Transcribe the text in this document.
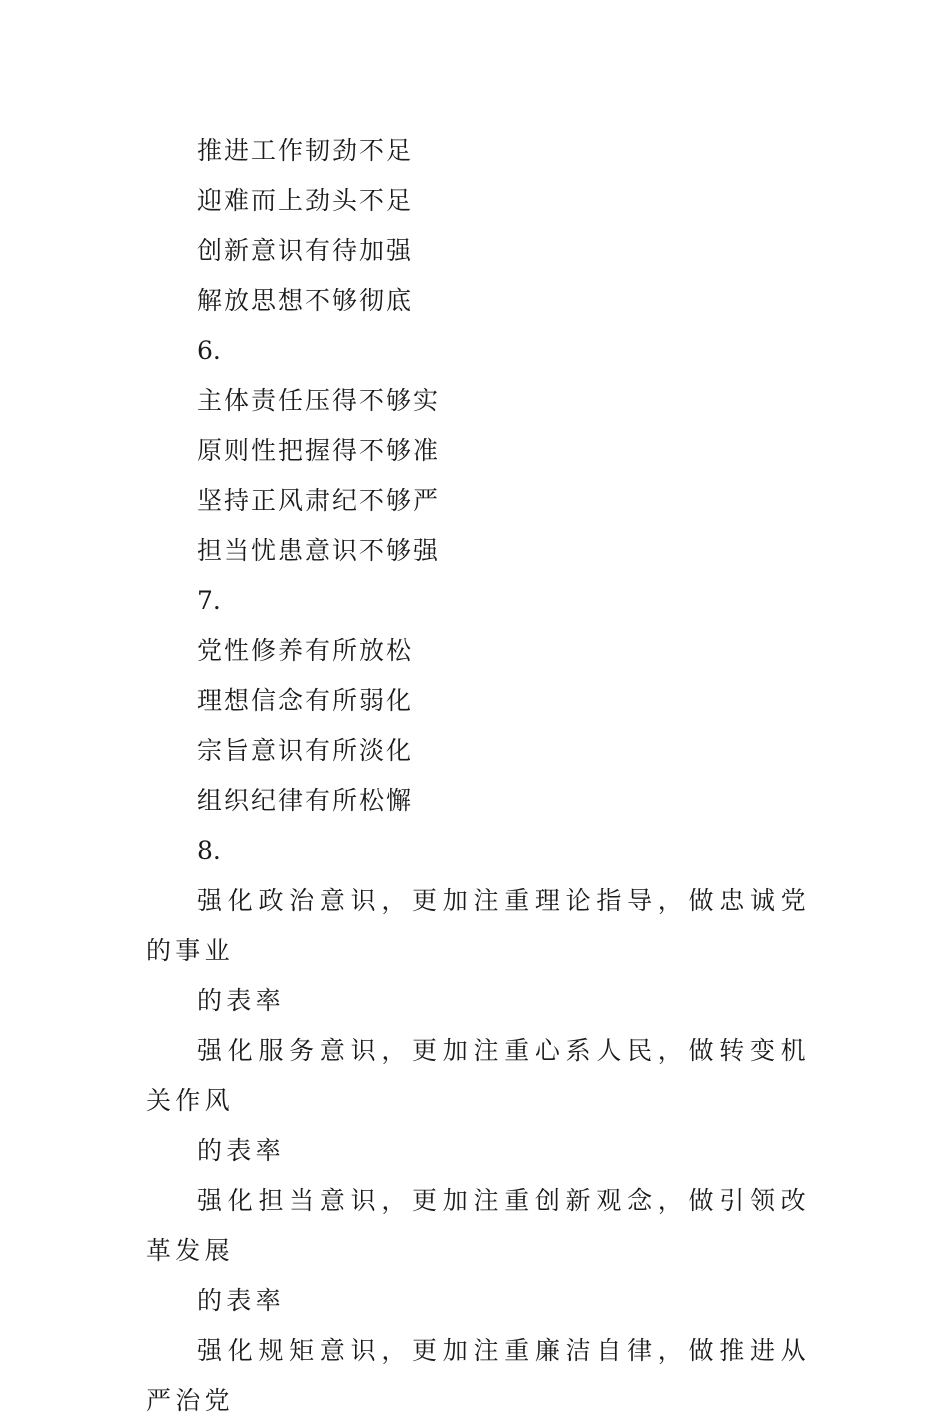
推进工作韧劲不足

迎难而上劲头不足

创新意识有待加强

解放思想不够彻底

6.

主体责任压得不够实

原则性把握得不够准

坚持正风肃纪不够严

担当忧患意识不够强

7.

党性修养有所放松

理想信念有所弱化

宗旨意识有所淡化

组织纪律有所松懈

8.

强化政治意识，更加注重理论指导，做忠诚党的事业
的表率

强化服务意识，更加注重心系人民，做转变机关作风
的表率

强化担当意识，更加注重创新观念，做引领改革发展
的表率

强化规矩意识，更加注重廉洁自律，做推进从严治党
